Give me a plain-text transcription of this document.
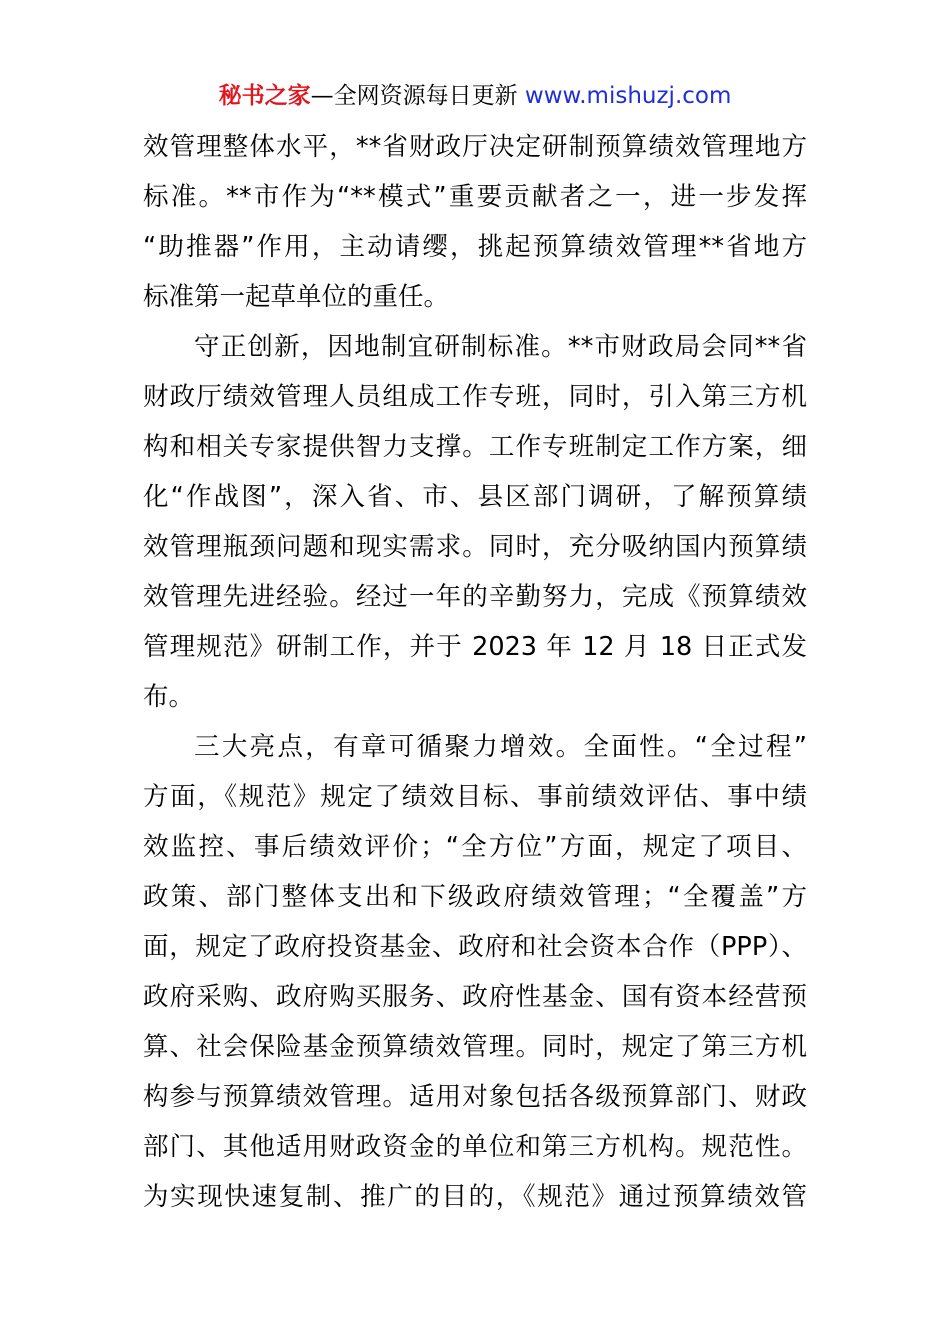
秘书之家—全网资源每日更新 www.mishuzj.com
效管理整体水平，**省财政厅决定研制预算绩效管理地方
标准。**市作为“**模式”重要贡献者之一，进一步发挥
“助推器”作用，主动请缨，挑起预算绩效管理**省地方
标准第一起草单位的重任。
守正创新，因地制宜研制标准。**市财政局会同**省
财政厅绩效管理人员组成工作专班，同时，引入第三方机
构和相关专家提供智力支撑。工作专班制定工作方案，细
化“作战图”，深入省、市、县区部门调研，了解预算绩
效管理瓶颈问题和现实需求。同时，充分吸纳国内预算绩
效管理先进经验。经过一年的辛勤努力，完成《预算绩效
管理规范》研制工作，并于 2023 年 12 月 18 日正式发
布。
三大亮点，有章可循聚力增效。全面性。“全过程”
方面，《规范》规定了绩效目标、事前绩效评估、事中绩
效监控、事后绩效评价；“全方位”方面，规定了项目、
政策、部门整体支出和下级政府绩效管理；“全覆盖”方
面，规定了政府投资基金、政府和社会资本合作（PPP）、
政府采购、政府购买服务、政府性基金、国有资本经营预
算、社会保险基金预算绩效管理。同时，规定了第三方机
构参与预算绩效管理。适用对象包括各级预算部门、财政
部门、其他适用财政资金的单位和第三方机构。规范性。
为实现快速复制、推广的目的，《规范》通过预算绩效管
